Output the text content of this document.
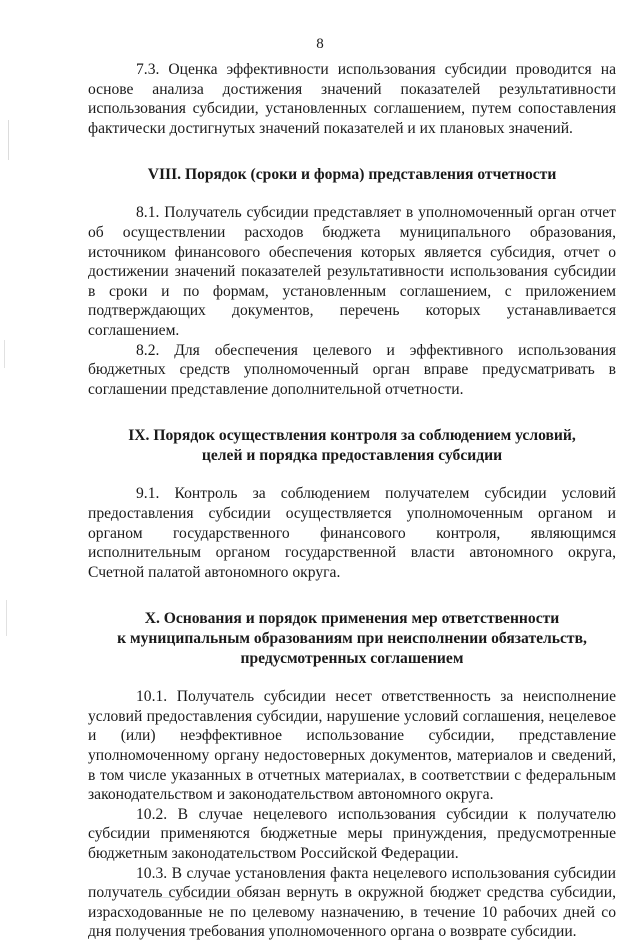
8

7.3. Оценка эффективности использования субсидии проводится на основе анализа достижения значений показателей результативности использования субсидии, установленных соглашением, путем сопоставления фактически достигнутых значений показателей и их плановых значений.

VIII. Порядок (сроки и форма) представления отчетности

8.1. Получатель субсидии представляет в уполномоченный орган отчет об осуществлении расходов бюджета муниципального образования, источником финансового обеспечения которых является субсидия, отчет о достижении значений показателей результативности использования субсидии в сроки и по формам, установленным соглашением, с приложением подтверждающих документов, перечень которых устанавливается соглашением.

8.2. Для обеспечения целевого и эффективного использования бюджетных средств уполномоченный орган вправе предусматривать в соглашении представление дополнительной отчетности.

IX. Порядок осуществления контроля за соблюдением условий,
целей и порядка предоставления субсидии

9.1. Контроль за соблюдением получателем субсидии условий предоставления субсидии осуществляется уполномоченным органом и органом государственного финансового контроля, являющимся исполнительным органом государственной власти автономного округа, Счетной палатой автономного округа.

X. Основания и порядок применения мер ответственности
к муниципальным образованиям при неисполнении обязательств,
предусмотренных соглашением

10.1. Получатель субсидии несет ответственность за неисполнение условий предоставления субсидии, нарушение условий соглашения, нецелевое и (или) неэффективное использование субсидии, представление уполномоченному органу недостоверных документов, материалов и сведений, в том числе указанных в отчетных материалах, в соответствии с федеральным законодательством и законодательством автономного округа.

10.2. В случае нецелевого использования субсидии к получателю субсидии применяются бюджетные меры принуждения, предусмотренные бюджетным законодательством Российской Федерации.

10.3. В случае установления факта нецелевого использования субсидии получатель субсидии обязан вернуть в окружной бюджет средства субсидии, израсходованные не по целевому назначению, в течение 10 рабочих дней со дня получения требования уполномоченного органа о возврате субсидии.
